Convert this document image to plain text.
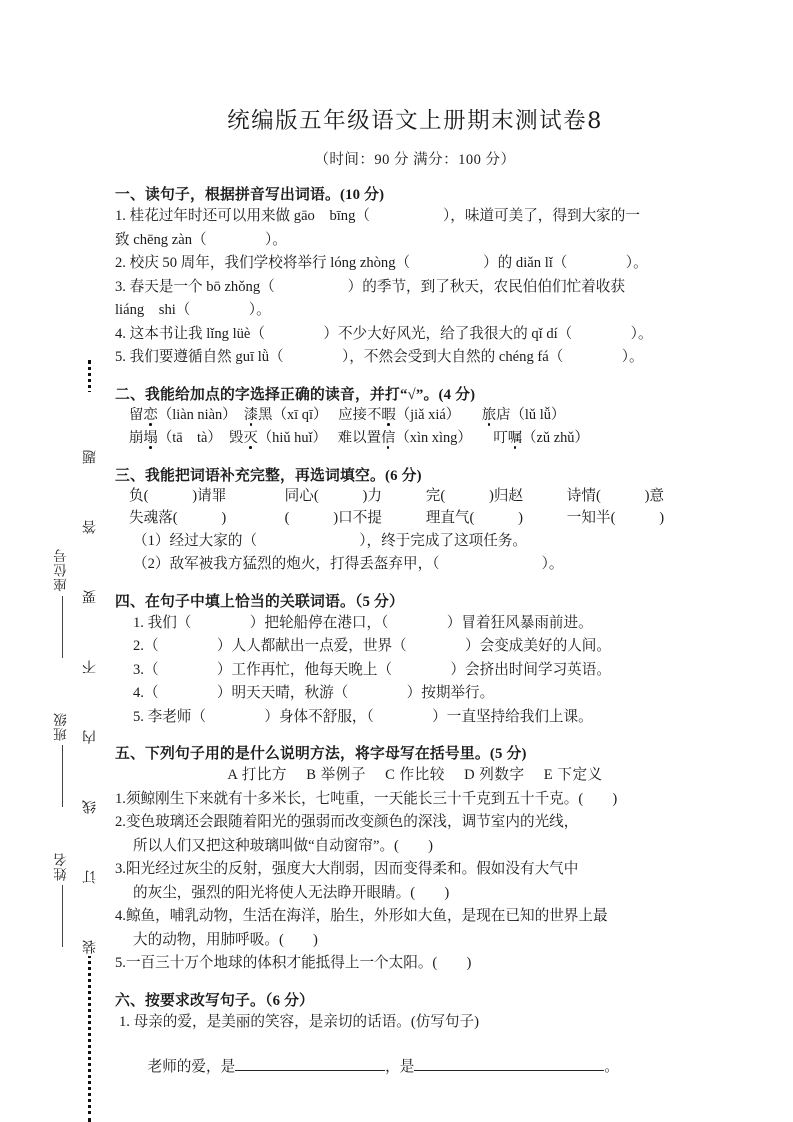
座位号
班级
姓名 装订线内不要答题
统编版五年级语文上册期末测试卷8
（时间：90 分 满分：100 分）
一、读句子，根据拼音写出词语。(10 分)
1. 桂花过年时还可以用来做 gāo　bīng（　　　　　），味道可美了，得到大家的一
致 chēng zàn（　　　　）。
2. 校庆 50 周年，我们学校将举行 lóng zhòng（　　　　　）的 diǎn lǐ（　　　　）。
3. 春天是一个 bō zhǒng（　　　　　）的季节，到了秋天，农民伯伯们忙着收获
liáng　shi（　　　　）。
4. 这本书让我 lǐng lüè（　　　　）不少大好风光，给了我很大的 qǐ dí（　　　　）。
5. 我们要遵循自然 guī lǜ（　　　　），不然会受到大自然的 chéng fá（　　　　）。
二、我能给加点的字选择正确的读音，并打“√”。(4 分)
留恋（liàn niàn） 漆黑（xī qī） 应接不暇（jiǎ xiá） 旅店（lǔ lǚ）
崩塌（tā　tà） 毁灭（hiǔ huǐ） 难以置信（xìn xìng） 叮嘱（zǔ zhǔ）
三、我能把词语补充完整，再选词填空。(6 分)
负(　　　)请罪　　　　同心(　　　)力　　　完(　　　)归赵　　　诗情(　　　)意
失魂落(　　　)　　　　(　　　)口不提　　　理直气(　　　)　　　一知半(　　　)
（1）经过大家的（　　　　　　　），终于完成了这项任务。
（2）敌军被我方猛烈的炮火，打得丢盔弃甲，（　　　　　　　）。
四、在句子中填上恰当的关联词语。（5 分）
1. 我们（　　　　）把轮船停在港口，（　　　　）冒着狂风暴雨前进。
2.（　　　　）人人都献出一点爱，世界（　　　　）会变成美好的人间。
3.（　　　　）工作再忙，他每天晚上（　　　　）会挤出时间学习英语。
4.（　　　　）明天天晴，秋游（　　　　）按期举行。
5. 李老师（　　　　）身体不舒服，（　　　　）一直坚持给我们上课。
五、下列句子用的是什么说明方法，将字母写在括号里。(5 分)
A 打比方　 B 举例子　 C 作比较　 D 列数字　 E 下定义
1.须鲸刚生下来就有十多米长，七吨重，一天能长三十千克到五十千克。(　　)
2.变色玻璃还会跟随着阳光的强弱而改变颜色的深浅，调节室内的光线，
所以人们又把这种玻璃叫做“自动窗帘”。(　　)
3.阳光经过灰尘的反射，强度大大削弱，因而变得柔和。假如没有大气中
的灰尘，强烈的阳光将使人无法睁开眼睛。(　　)
4.鲸鱼，哺乳动物，生活在海洋，胎生，外形如大鱼，是现在已知的世界上最
大的动物，用肺呼吸。(　　)
5.一百三十万个地球的体积才能抵得上一个太阳。(　　)
六、按要求改写句子。（6 分）
1. 母亲的爱，是美丽的笑容，是亲切的话语。(仿写句子)

老师的爱，是	，是	。
